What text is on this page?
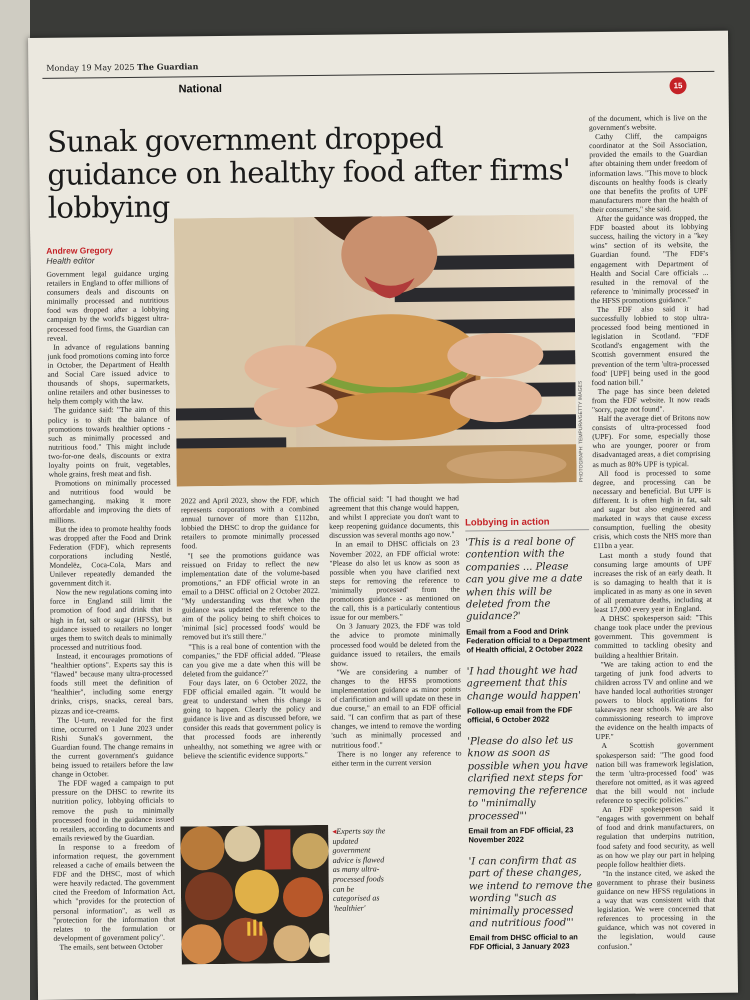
Monday 19 May 2025 The Guardian
National	15
Sunak government dropped guidance on healthy food after firms' lobbying
Andrew Gregory
Health editor

Government legal guidance urging retailers in England to offer millions of consumers deals and discounts on minimally processed and nutritious food was dropped after a lobbying campaign by the world's biggest ultra-processed food firms, the Guardian can reveal.

In advance of regulations banning junk food promotions coming into force in October, the Department of Health and Social Care issued advice to thousands of shops, supermarkets, online retailers and other businesses to help them comply with the law.

The guidance said: "The aim of this policy is to shift the balance of promotions towards healthier options - such as minimally processed and nutritious food." This might include two-for-one deals, discounts or extra loyalty points on fruit, vegetables, whole grains, fresh meat and fish.

Promotions on minimally processed and nutritious food would be gamechanging, making it more affordable and improving the diets of millions.

But the idea to promote healthy foods was dropped after the Food and Drink Federation (FDF), which represents corporations including Nestlé, Mondelēz, Coca-Cola, Mars and Unilever repeatedly demanded the government ditch it.

Now the new regulations coming into force in England still limit the promotion of food and drink that is high in fat, salt or sugar (HFSS), but guidance issued to retailers no longer urges them to switch deals to minimally processed and nutritious food.

Instead, it encourages promotions of "healthier options". Experts say this is "flawed" because many ultra-processed foods still meet the definition of "healthier", including some energy drinks, crisps, snacks, cereal bars, pizzas and ice-creams.

The U-turn, revealed for the first time, occurred on 1 June 2023 under Rishi Sunak's government, the Guardian found. The change remains in the current government's guidance being issued to retailers before the law change in October.

The FDF waged a campaign to put pressure on the DHSC to rewrite its nutrition policy, lobbying officials to remove the push to minimally processed food in the guidance issued to retailers, according to documents and emails reviewed by the Guardian.

In response to a freedom of information request, the government released a cache of emails between the FDF and the DHSC, most of which were heavily redacted. The government cited the Freedom of Information Act, which "provides for the protection of personal information", as well as "protection for the information that relates to the formulation or development of government policy".

The emails, sent between October

PHOTOGRAPH: TEMPURA/GETTY IMAGES

2022 and April 2023, show the FDF, which represents corporations with a combined annual turnover of more than £112bn, lobbied the DHSC to drop the guidance for retailers to promote minimally processed food.

"I see the promotions guidance was reissued on Friday to reflect the new implementation date of the volume-based promotions," an FDF official wrote in an email to a DHSC official on 2 October 2022. "My understanding was that when the guidance was updated the reference to the aim of the policy being to shift choices to 'minimal [sic] processed foods' would be removed but it's still there."

"This is a real bone of contention with the companies," the FDF official added. "Please can you give me a date when this will be deleted from the guidance?"

Four days later, on 6 October 2022, the FDF official emailed again. "It would be great to understand when this change is going to happen. Clearly the policy and guidance is live and as discussed before, we consider this reads that government policy is that processed foods are inherently unhealthy, not something we agree with or believe the scientific evidence supports."

The official said: "I had thought we had agreement that this change would happen, and whilst I appreciate you don't want to keep reopening guidance documents, this discussion was several months ago now."

In an email to DHSC officials on 23 November 2022, an FDF official wrote: "Please do also let us know as soon as possible when you have clarified next steps for removing the reference to 'minimally processed' from the promotions guidance - as mentioned on the call, this is a particularly contentious issue for our members."

On 3 January 2023, the FDF was told the advice to promote minimally processed food would be deleted from the guidance issued to retailers, the emails show.

"We are considering a number of changes to the HFSS promotions implementation guidance as minor points of clarification and will update on these in due course," an email to an FDF official said. "I can confirm that as part of these changes, we intend to remove the wording 'such as minimally processed and nutritious food'."

There is no longer any reference to either term in the current version

◂Experts say the updated government advice is flawed as many ultra-processed foods can be categorised as 'healthier'
Lobbying in action
'This is a real bone of contention with the companies ... Please can you give me a date when this will be deleted from the guidance?'
Email from a Food and Drink Federation official to a Department of Health official, 2 October 2022
'I had thought we had agreement that this change would happen'
Follow-up email from the FDF official, 6 October 2022
'Please do also let us know as soon as possible when you have clarified next steps for removing the reference to "minimally processed"'
Email from an FDF official, 23 November 2022
'I can confirm that as part of these changes, we intend to remove the wording "such as minimally processed and nutritious food"'
Email from DHSC official to an FDF Official, 3 January 2023

of the document, which is live on the government's website.

Cathy Cliff, the campaigns coordinator at the Soil Association, provided the emails to the Guardian after obtaining them under freedom of information laws. "This move to block discounts on healthy foods is clearly one that benefits the profits of UPF manufacturers more than the health of their consumers," she said.

After the guidance was dropped, the FDF boasted about its lobbying success, hailing the victory in a "key wins" section of its website, the Guardian found. "The FDF's engagement with Department of Health and Social Care officials ... resulted in the removal of the reference to 'minimally processed' in the HFSS promotions guidance."

The FDF also said it had successfully lobbied to stop ultra-processed food being mentioned in legislation in Scotland. "FDF Scotland's engagement with the Scottish government ensured the prevention of the term 'ultra-processed food' [UPF] being used in the good food nation bill."

The page has since been deleted from the FDF website. It now reads "sorry, page not found".

Half the average diet of Britons now consists of ultra-processed food (UPF). For some, especially those who are younger, poorer or from disadvantaged areas, a diet comprising as much as 80% UPF is typical.

All food is processed to some degree, and processing can be necessary and beneficial. But UPF is different. It is often high in fat, salt and sugar but also engineered and marketed in ways that cause excess consumption, fuelling the obesity crisis, which costs the NHS more than £11bn a year.

Last month a study found that consuming large amounts of UPF increases the risk of an early death. It is so damaging to health that it is implicated in as many as one in seven of all premature deaths, including at least 17,000 every year in England.

A DHSC spokesperson said: "This change took place under the previous government. This government is committed to tackling obesity and building a healthier Britain.

"We are taking action to end the targeting of junk food adverts to children across TV and online and we have handed local authorities stronger powers to block applications for takeaways near schools. We are also commissioning research to improve the evidence on the health impacts of UPF."

A Scottish government spokesperson said: "The good food nation bill was framework legislation, the term 'ultra-processed food' was therefore not omitted, as it was agreed that the bill would not include reference to specific policies."

An FDF spokesperson said it "engages with government on behalf of food and drink manufacturers, on regulation that underpins nutrition, food safety and food security, as well as on how we play our part in helping people follow healthier diets.

"In the instance cited, we asked the government to phrase their business guidance on new HFSS regulations in a way that was consistent with that legislation. We were concerned that references to processing in the guidance, which was not covered in the legislation, would cause confusion."
